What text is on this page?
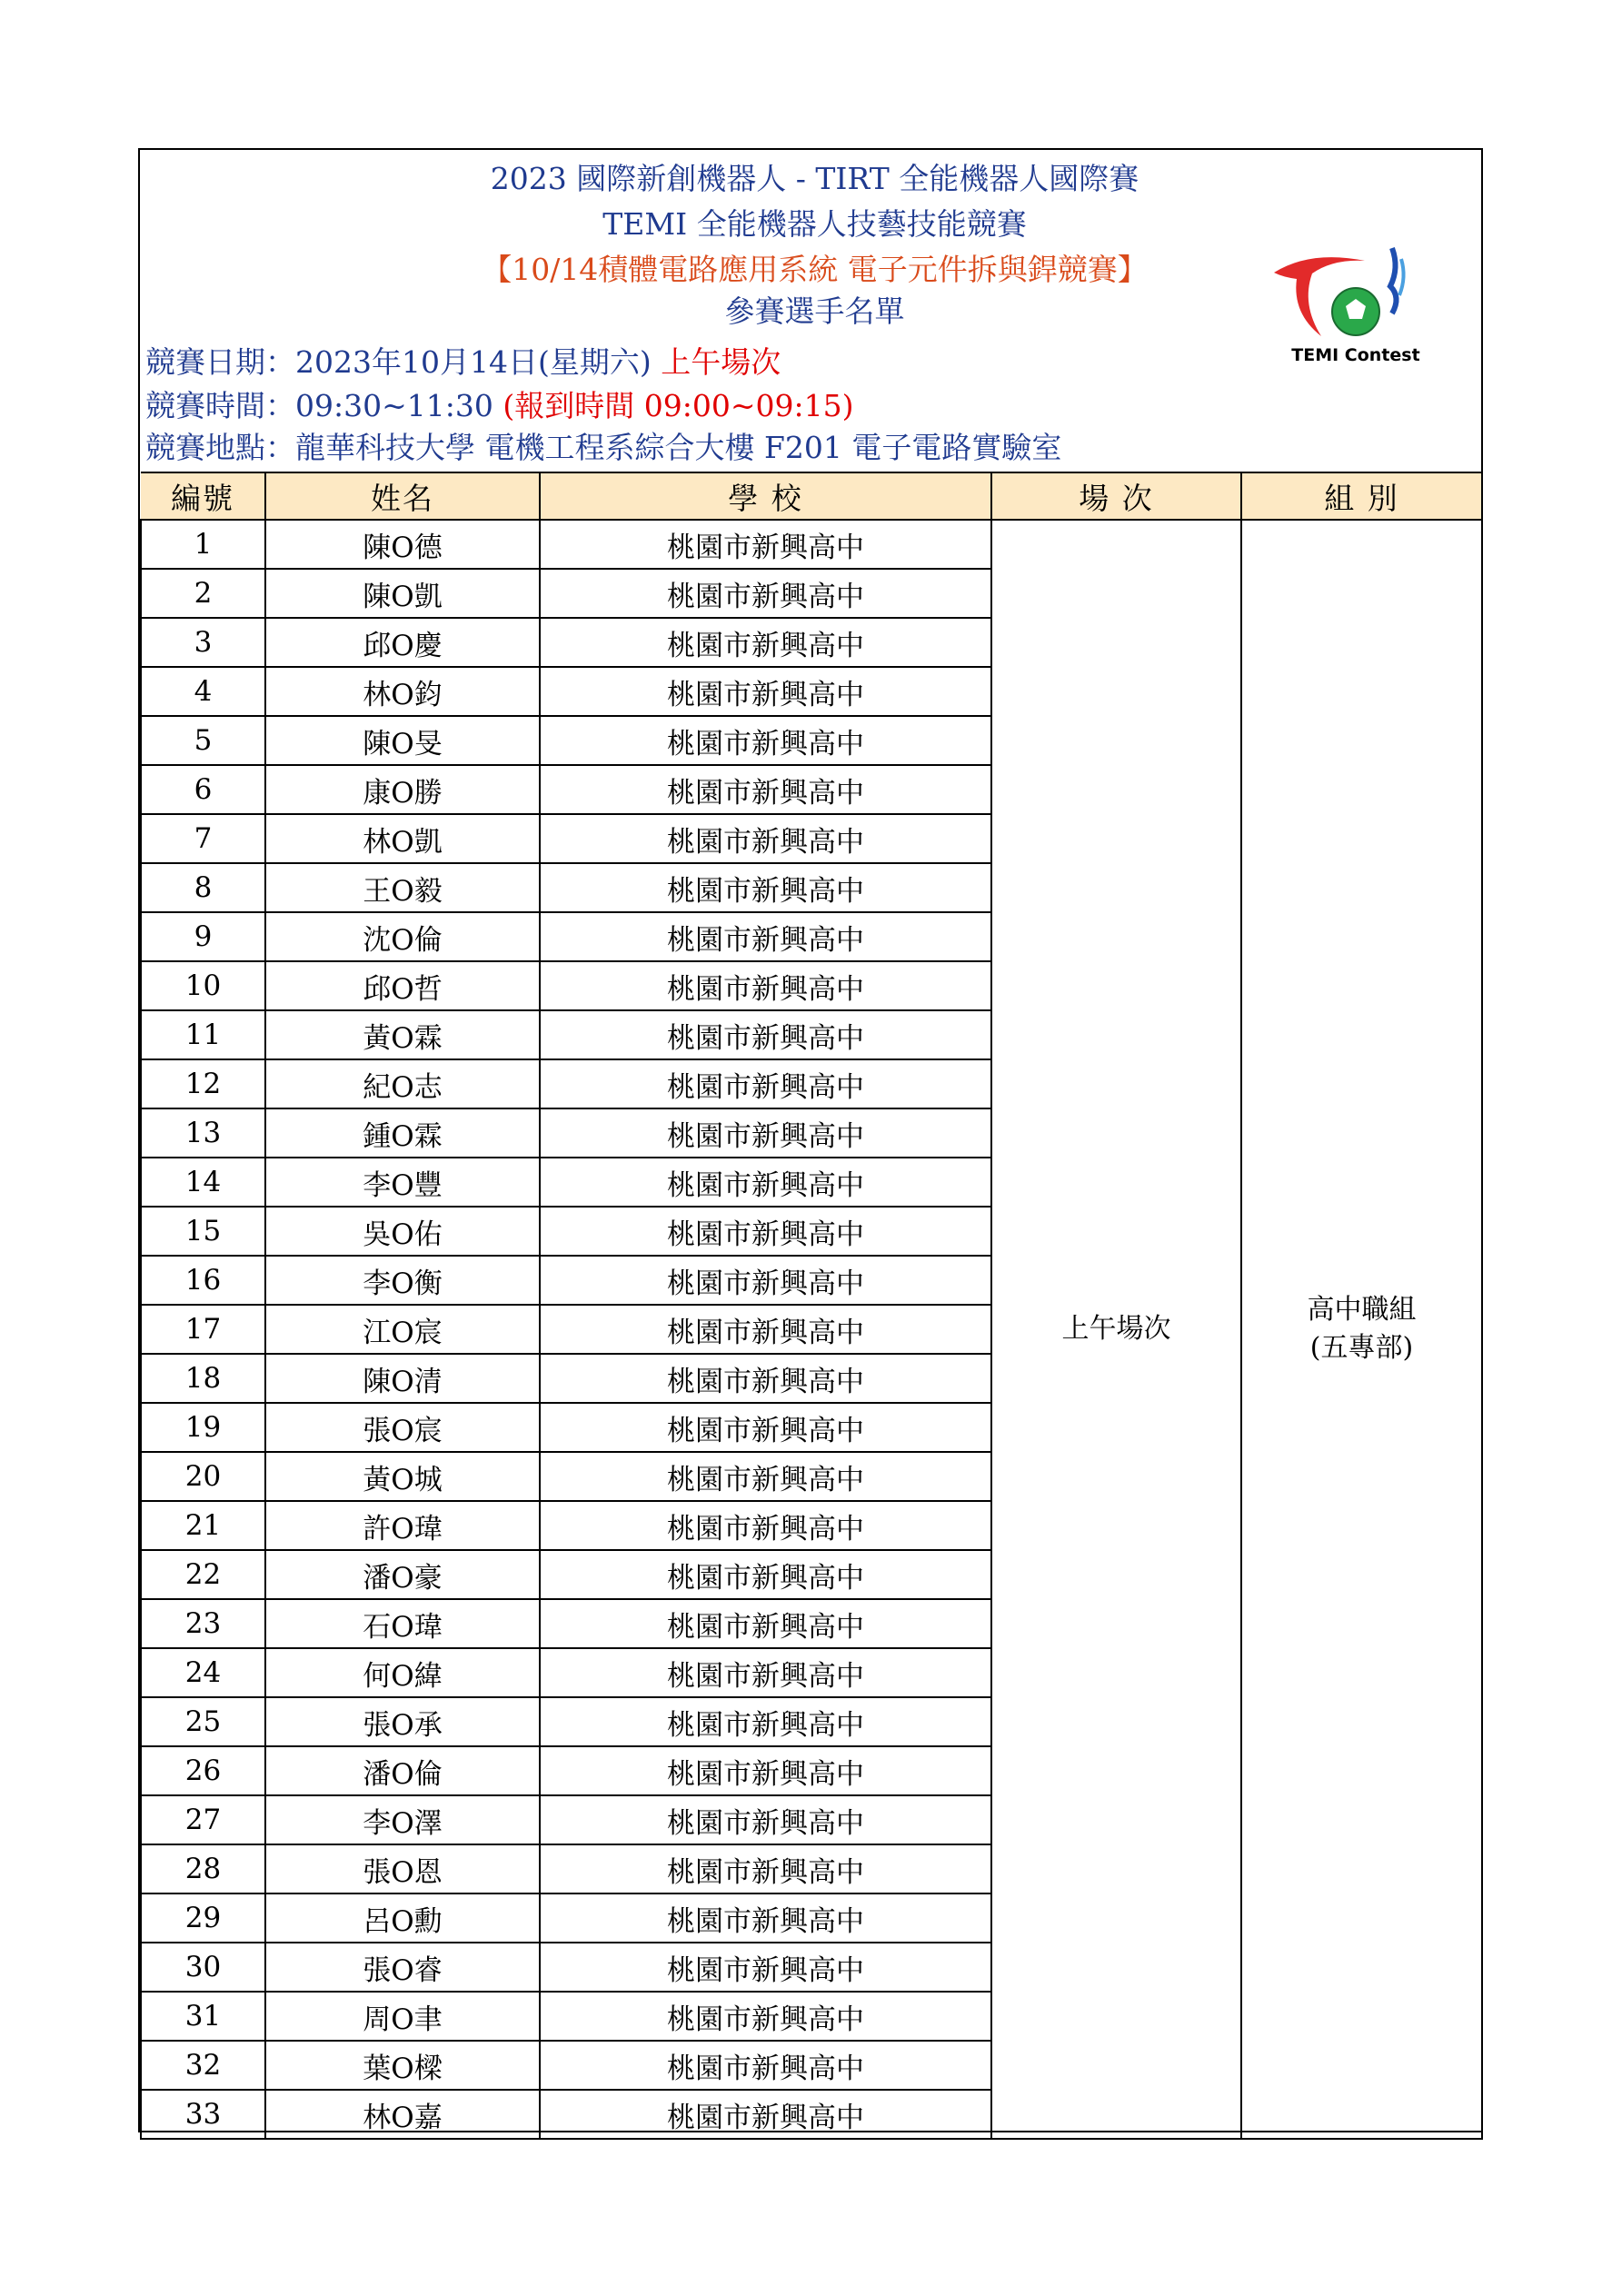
2023 國際新創機器人 - TIRT 全能機器人國際賽
TEMI 全能機器人技藝技能競賽
【10/14積體電路應用系統 電子元件拆與銲競賽】
參賽選手名單
競賽日期：2023年10月14日(星期六) 上午場次
競賽時間：09:30~11:30 (報到時間 09:00~09:15)
競賽地點：龍華科技大學 電機工程系綜合大樓 F201 電子電路實驗室
TEMI Contest
編號	姓名	學 校	場 次	組 別
1	陳O德	桃園市新興高中	上午場次	高中職組
(五專部)

2	陳O凱	桃園市新興高中		
3	邱O慶	桃園市新興高中		
4	林O鈞	桃園市新興高中		
5	陳O旻	桃園市新興高中		
6	康O勝	桃園市新興高中		
7	林O凱	桃園市新興高中		
8	王O毅	桃園市新興高中		
9	沈O倫	桃園市新興高中		
10	邱O哲	桃園市新興高中		
11	黃O霖	桃園市新興高中		
12	紀O志	桃園市新興高中		
13	鍾O霖	桃園市新興高中		
14	李O豐	桃園市新興高中		
15	吳O佑	桃園市新興高中		
16	李O衡	桃園市新興高中		
17	江O宸	桃園市新興高中		
18	陳O清	桃園市新興高中		
19	張O宸	桃園市新興高中		
20	黃O城	桃園市新興高中		
21	許O瑋	桃園市新興高中		
22	潘O豪	桃園市新興高中		
23	石O瑋	桃園市新興高中		
24	何O緯	桃園市新興高中		
25	張O承	桃園市新興高中		
26	潘O倫	桃園市新興高中		
27	李O澤	桃園市新興高中		
28	張O恩	桃園市新興高中		
29	呂O勳	桃園市新興高中		
30	張O睿	桃園市新興高中		
31	周O聿	桃園市新興高中		
32	葉O樑	桃園市新興高中		
33	林O嘉	桃園市新興高中		
